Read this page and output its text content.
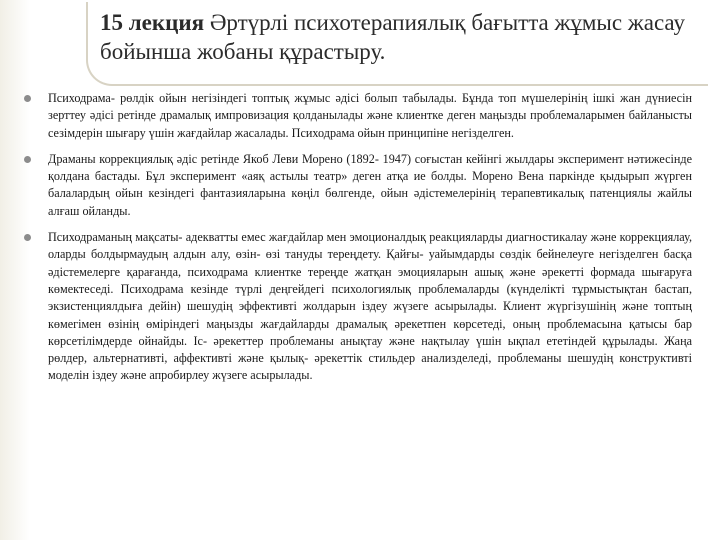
15 лекция Әртүрлі психотерапиялық бағытта жұмыс жасау бойынша жобаны құрастыру.
Психодрама- рөлдік ойын негізіндегі топтық жұмыс әдісі болып табылады. Бұнда топ мүшелерінің ішкі жан дүниесін зерттеу әдісі ретінде драмалық импровизация қолданылады және клиентке деген маңызды проблемаларымен байланысты сезімдерін шығару үшін жағдайлар жасалады. Психодрама ойын принципіне негізделген.
Драманы коррекциялық әдіс ретінде Якоб Леви Морено (1892- 1947) соғыстан кейінгі жылдары эксперимент нәтижесінде қолдана бастады. Бұл эксперимент «аяқ астылы театр» деген атқа ие болды. Морено Вена паркінде қыдырып жүрген балалардың ойын кезіндегі фантазияларына көңіл бөлгенде, ойын әдістемелерінің терапевтикалық патенциялы жайлы алғаш ойланды.
Психодраманың мақсаты- адекватты емес жағдайлар мен эмоционалдық реакцияларды диагностикалау және коррекциялау, оларды болдырмаудың алдын алу, өзін- өзі тануды тереңдету. Қайғы- уайымдарды сөздік бейнелеуге негізделген басқа әдістемелерге қарағанда, психодрама клиентке тереңде жатқан эмоцияларын ашық және әрекетті формада шығаруға көмектеседі. Психодрама кезінде түрлі деңгейдегі психологиялық проблемаларды (күнделікті тұрмыстықтан бастап, экзистенциялдыға дейін) шешудің эффективті жолдарын іздеу жүзеге асырылады. Клиент жүргізушінің және топтың көмегімен өзінің өміріндегі маңызды жағдайларды драмалық әрекетпен көрсетеді, оның проблемасына қатысы бар көрсетілімдерде ойнайды. Іс- әрекеттер проблеманы анықтау және нақтылау үшін ықпал ететіндей құрылады. Жаңа рөлдер, альтернативті, аффективті және қылық- әрекеттік стильдер анализделеді, проблеманы шешудің конструктивті моделін іздеу және апробирлеу жүзеге асырылады.
